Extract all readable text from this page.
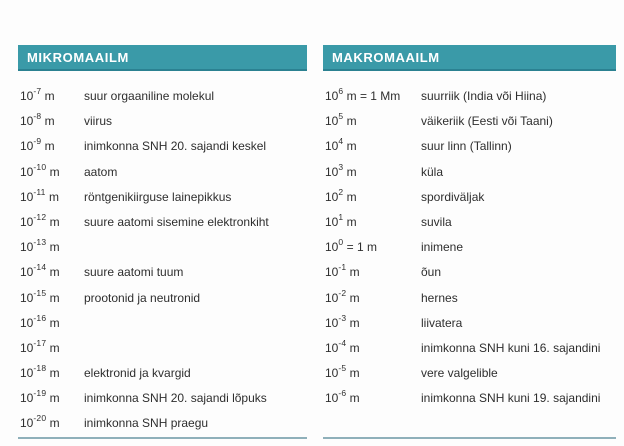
MIKROMAAILM
$10^{-7}$ m	suur orgaaniline molekul
$10^{-8}$ m	viirus
$10^{-9}$ m	inimkonna SNH 20. sajandi keskel
$10^{-10}$ m	aatom
$10^{-11}$ m	röntgenikiirguse lainepikkus
$10^{-12}$ m	suure aatomi sisemine elektronkiht
$10^{-13}$ m
$10^{-14}$ m	suure aatomi tuum
$10^{-15}$ m	prootonid ja neutronid
$10^{-16}$ m
$10^{-17}$ m
$10^{-18}$ m	elektronid ja kvargid
$10^{-19}$ m	inimkonna SNH 20. sajandi lõpuks
$10^{-20}$ m	inimkonna SNH praegu
MAKROMAAILM
$10^6$ m = 1 Mm	suurriik (India või Hiina)
$10^5$ m	väikeriik (Eesti või Taani)
$10^4$ m	suur linn (Tallinn)
$10^3$ m	küla
$10^2$ m	spordiväljak
$10^1$ m	suvila
$10^0 = 1$ m	inimene
$10^{-1}$ m	õun
$10^{-2}$ m	hernes
$10^{-3}$ m	liivatera
$10^{-4}$ m	inimkonna SNH kuni 16. sajandini
$10^{-5}$ m	vere valgelible
$10^{-6}$ m	inimkonna SNH kuni 19. sajandini
